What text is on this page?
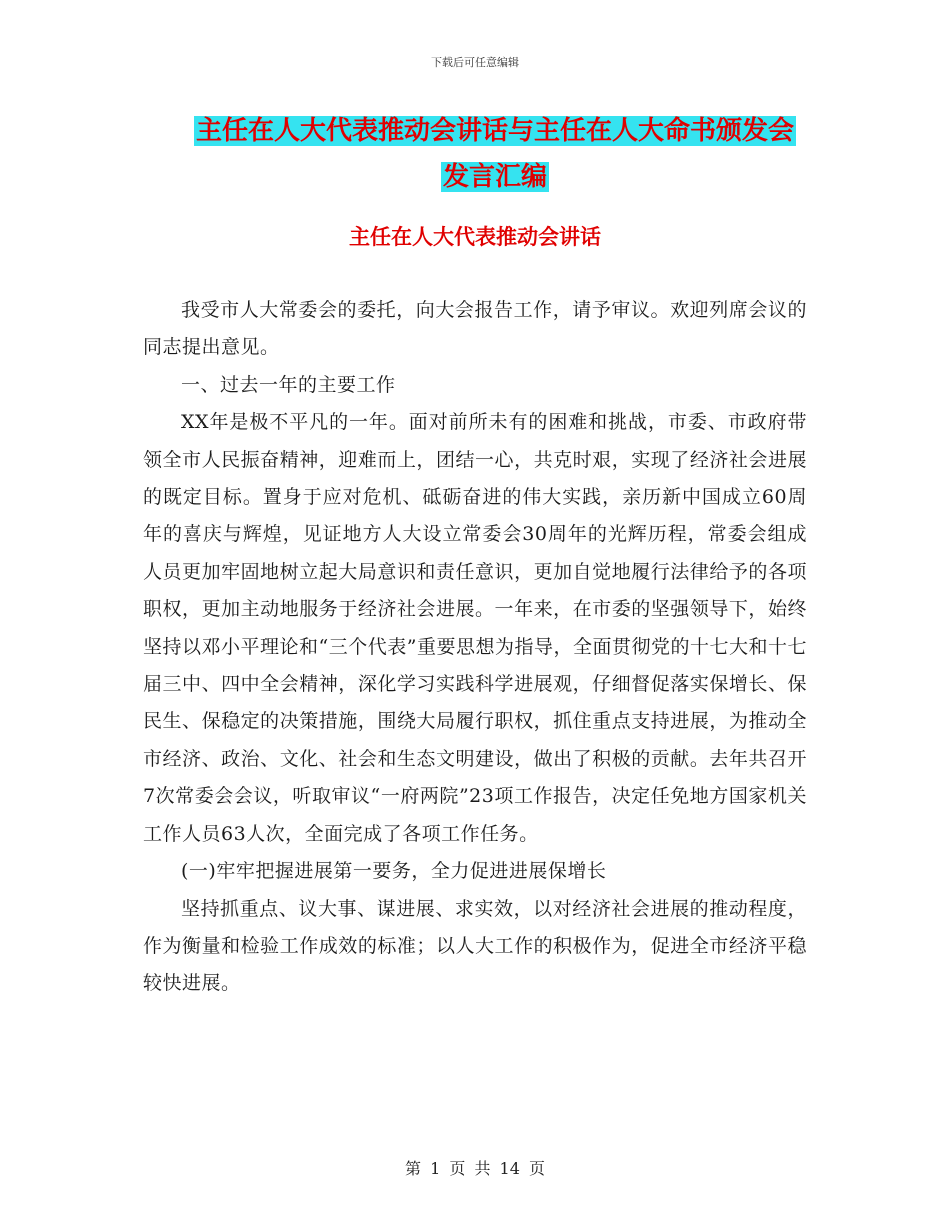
下载后可任意编辑
主任在人大代表推动会讲话与主任在人大命书颁发会
发言汇编
主任在人大代表推动会讲话

我受市人大常委会的委托，向大会报告工作，请予审议。欢迎列席会议的同志提出意见。

一、过去一年的主要工作

XX年是极不平凡的一年。面对前所未有的困难和挑战，市委、市政府带领全市人民振奋精神，迎难而上，团结一心，共克时艰，实现了经济社会进展的既定目标。置身于应对危机、砥砺奋进的伟大实践，亲历新中国成立60周年的喜庆与辉煌，见证地方人大设立常委会30周年的光辉历程，常委会组成人员更加牢固地树立起大局意识和责任意识，更加自觉地履行法律给予的各项职权，更加主动地服务于经济社会进展。一年来，在市委的坚强领导下，始终坚持以邓小平理论和“三个代表”重要思想为指导，全面贯彻党的十七大和十七届三中、四中全会精神，深化学习实践科学进展观，仔细督促落实保增长、保民生、保稳定的决策措施，围绕大局履行职权，抓住重点支持进展，为推动全市经济、政治、文化、社会和生态文明建设，做出了积极的贡献。去年共召开7次常委会会议，听取审议“一府两院”23项工作报告，决定任免地方国家机关工作人员63人次，全面完成了各项工作任务。

(一)牢牢把握进展第一要务，全力促进进展保增长

坚持抓重点、议大事、谋进展、求实效，以对经济社会进展的推动程度，作为衡量和检验工作成效的标准；以人大工作的积极作为，促进全市经济平稳较快进展。

第 1 页 共 14 页
